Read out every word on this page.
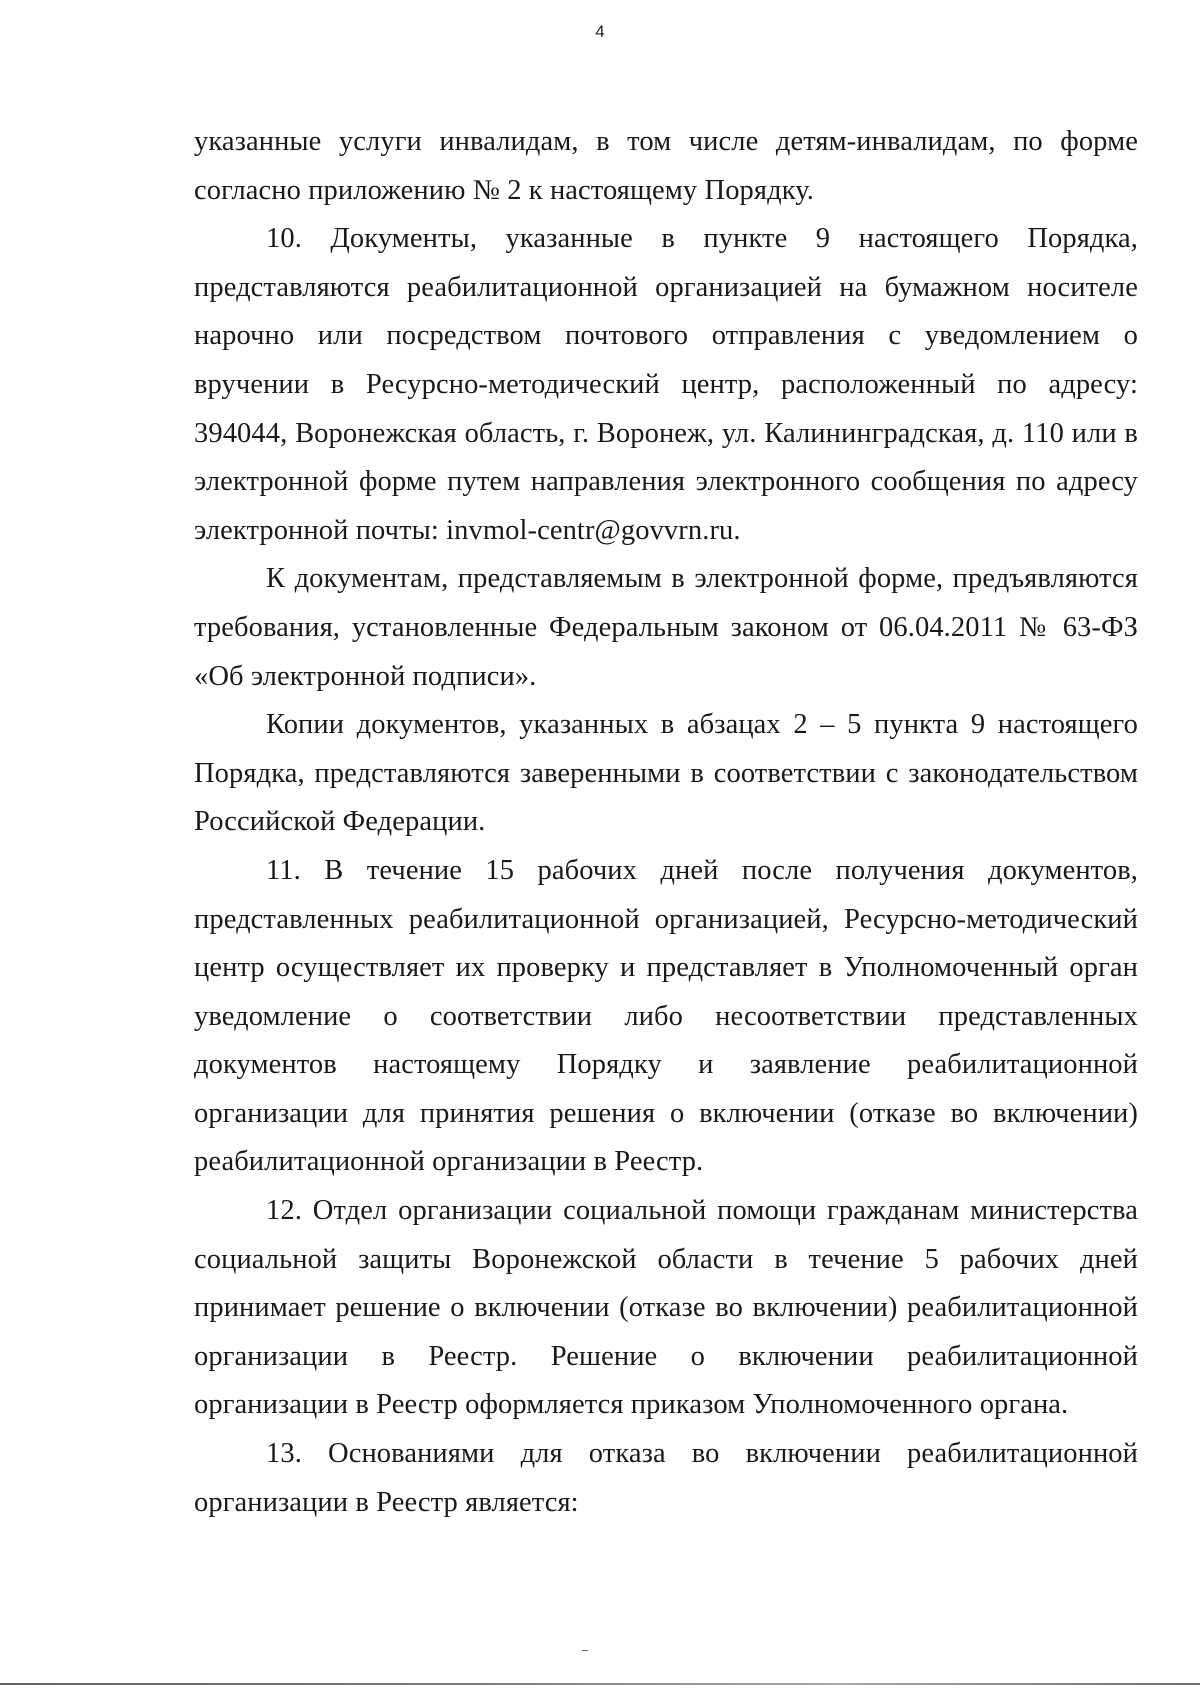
4

указанные услуги инвалидам, в том числе детям-инвалидам, по форме согласно приложению № 2 к настоящему Порядку.

10. Документы, указанные в пункте 9 настоящего Порядка, представляются реабилитационной организацией на бумажном носителе нарочно или посредством почтового отправления с уведомлением о вручении в Ресурсно-методический центр, расположенный по адресу: 394044, Воронежская область, г. Воронеж, ул. Калининградская, д. 110 или в электронной форме путем направления электронного сообщения по адресу электронной почты: invmol-centr@govvrn.ru.

К документам, представляемым в электронной форме, предъявляются требования, установленные Федеральным законом от 06.04.2011 № 63-ФЗ «Об электронной подписи».

Копии документов, указанных в абзацах 2 – 5 пункта 9 настоящего Порядка, представляются заверенными в соответствии с законодательством Российской Федерации.

11. В течение 15 рабочих дней после получения документов, представленных реабилитационной организацией, Ресурсно-методический центр осуществляет их проверку и представляет в Уполномоченный орган уведомление о соответствии либо несоответствии представленных документов настоящему Порядку и заявление реабилитационной организации для принятия решения о включении (отказе во включении) реабилитационной организации в Реестр.

12. Отдел организации социальной помощи гражданам министерства социальной защиты Воронежской области в течение 5 рабочих дней принимает решение о включении (отказе во включении) реабилитационной организации в Реестр. Решение о включении реабилитационной организации в Реестр оформляется приказом Уполномоченного органа.

13. Основаниями для отказа во включении реабилитационной организации в Реестр является:
